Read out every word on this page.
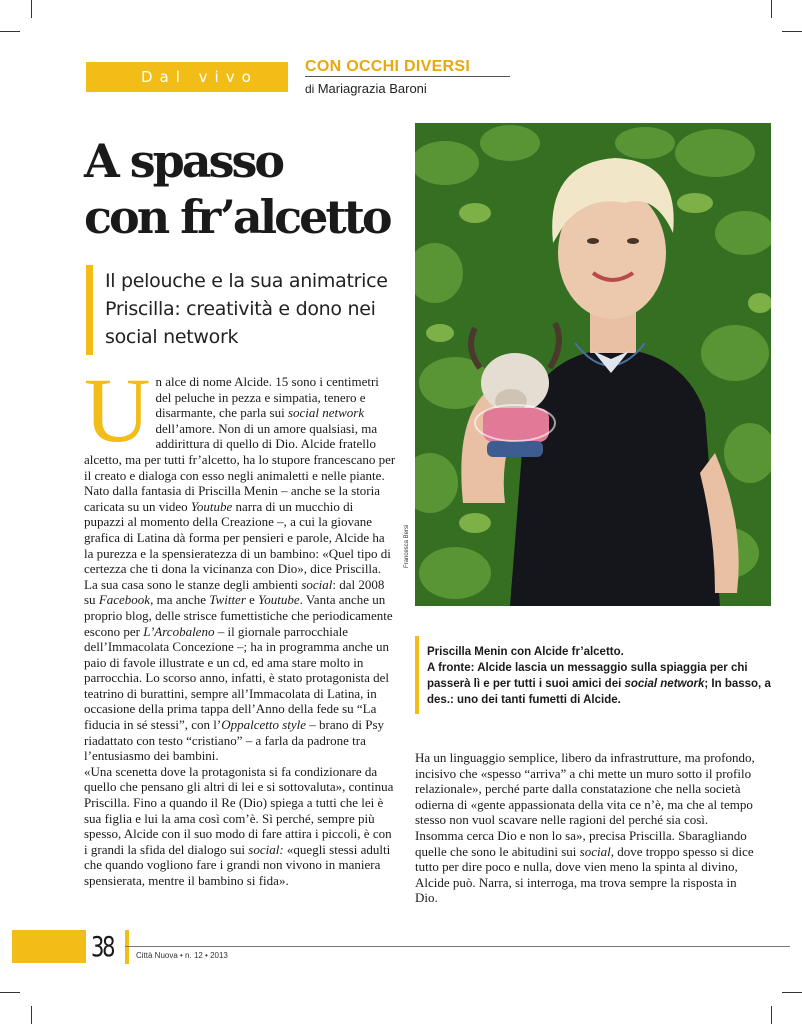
Dal vivo
CON OCCHI DIVERSI
di Mariagrazia Baroni
A spasso
con fr’alcetto
Il pelouche e la sua animatrice Priscilla: creatività e dono nei social network

Un alce di nome Alcide. 15 sono i centimetri del peluche in pezza e simpatia, tenero e disarmante, che parla sui social network dell’amore. Non di un amore qualsiasi, ma addirittura di quello di Dio. Alcide fratello alcetto, ma per tutti fr’alcetto, ha lo stupore francescano per il creato e dialoga con esso negli animaletti e nelle piante.

Nato dalla fantasia di Priscilla Menin – anche se la storia caricata su un video Youtube narra di un mucchio di pupazzi al momento della Creazione –, a cui la giovane grafica di Latina dà forma per pensieri e parole, Alcide ha la purezza e la spensieratezza di un bambino: «Quel tipo di certezza che ti dona la vicinanza con Dio», dice Priscilla. La sua casa sono le stanze degli ambienti social: dal 2008 su Facebook, ma anche Twitter e Youtube. Vanta anche un proprio blog, delle strisce fumettistiche che periodicamente escono per L’Arcobaleno – il giornale parrocchiale dell’Immacolata Concezione –; ha in programma anche un paio di favole illustrate e un cd, ed ama stare molto in parrocchia. Lo scorso anno, infatti, è stato protagonista del teatrino di burattini, sempre all’Immacolata di Latina, in occasione della prima tappa dell’Anno della fede su “La fiducia in sé stessi”, con l’Oppalcetto style – brano di Psy riadattato con testo “cristiano” – a farla da padrone tra l’entusiasmo dei bambini.

«Una scenetta dove la protagonista si fa condizionare da quello che pensano gli altri di lei e si sottovaluta», continua Priscilla. Fino a quando il Re (Dio) spiega a tutti che lei è sua figlia e lui la ama così com’è. Sì perché, sempre più spesso, Alcide con il suo modo di fare attira i piccoli, è con i grandi la sfida del dialogo sui social: «quegli stessi adulti che quando vogliono fare i grandi non vivono in maniera spensierata, mentre il bambino si fida».

Francesca Bersi
Priscilla Menin con Alcide fr’alcetto.
A fronte: Alcide lascia un messaggio sulla spiaggia per chi passerà lì e per tutti i suoi amici dei social network; In basso, a des.: uno dei tanti fumetti di Alcide.
Ha un linguaggio semplice, libero da infrastrutture, ma profondo, incisivo che «spesso “arriva” a chi mette un muro sotto il profilo relazionale», perché parte dalla constatazione che nella società odierna di «gente appassionata della vita ce n’è, ma che al tempo stesso non vuol scavare nelle ragioni del perché sia così. Insomma cerca Dio e non lo sa», precisa Priscilla. Sbaragliando quelle che sono le abitudini sui social, dove troppo spesso si dice tutto per dire poco e nulla, dove vien meno la spinta al divino, Alcide può. Narra, si interroga, ma trova sempre la risposta in Dio.
38	Città Nuova • n. 12 • 2013
